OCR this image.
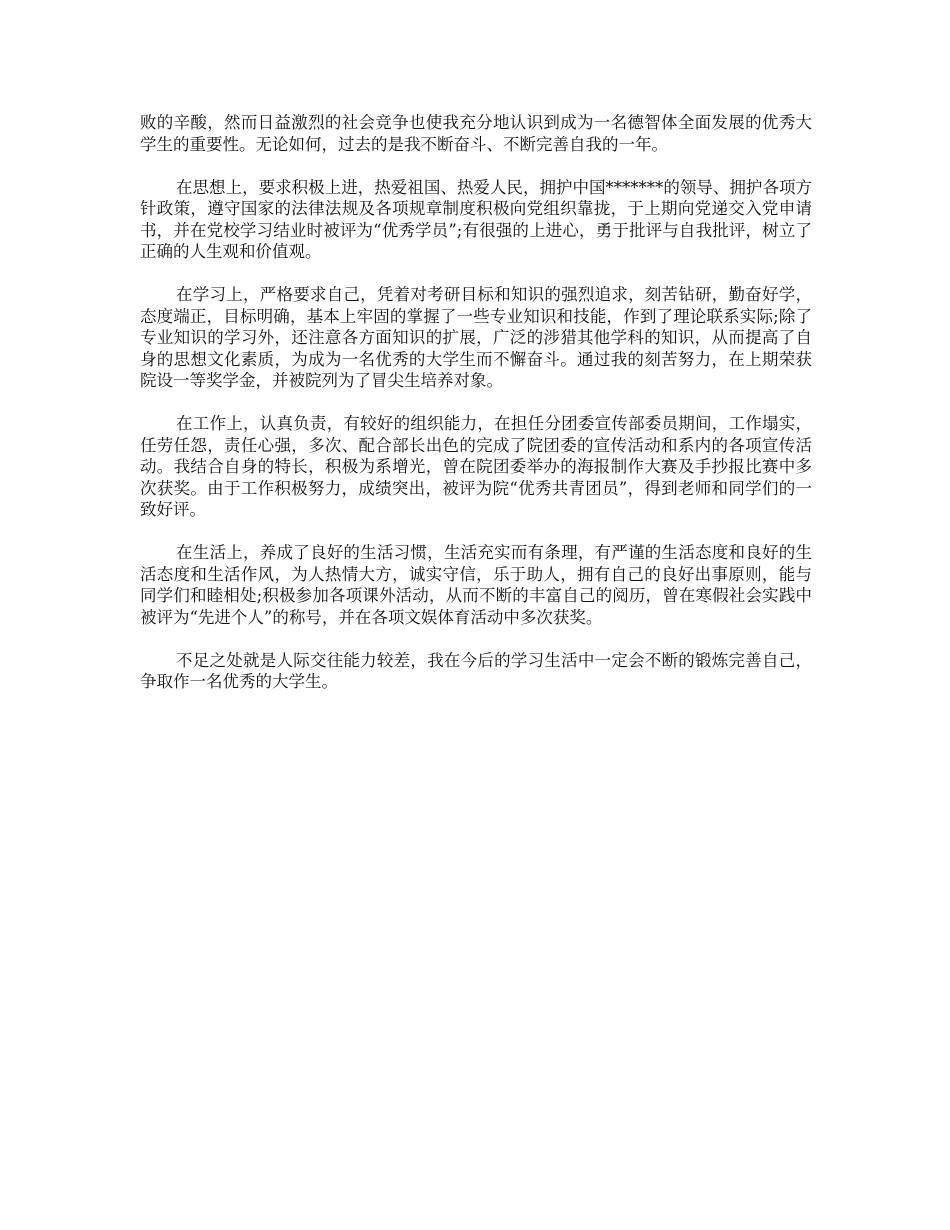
败的辛酸，然而日益激烈的社会竞争也使我充分地认识到成为一名德智体全面发展的优秀大学生的重要性。无论如何，过去的是我不断奋斗、不断完善自我的一年。

在思想上，要求积极上进，热爱祖国、热爱人民，拥护中国*******的领导、拥护各项方针政策，遵守国家的法律法规及各项规章制度积极向党组织靠拢，于上期向党递交入党申请书，并在党校学习结业时被评为“优秀学员”;有很强的上进心，勇于批评与自我批评，树立了正确的人生观和价值观。

在学习上，严格要求自己，凭着对考研目标和知识的强烈追求，刻苦钻研，勤奋好学，态度端正，目标明确，基本上牢固的掌握了一些专业知识和技能，作到了理论联系实际;除了专业知识的学习外，还注意各方面知识的扩展，广泛的涉猎其他学科的知识，从而提高了自身的思想文化素质，为成为一名优秀的大学生而不懈奋斗。通过我的刻苦努力，在上期荣获院设一等奖学金，并被院列为了冒尖生培养对象。

在工作上，认真负责，有较好的组织能力，在担任分团委宣传部委员期间，工作塌实，任劳任怨，责任心强，多次、配合部长出色的完成了院团委的宣传活动和系内的各项宣传活动。我结合自身的特长，积极为系增光，曾在院团委举办的海报制作大赛及手抄报比赛中多次获奖。由于工作积极努力，成绩突出，被评为院“优秀共青团员”，得到老师和同学们的一致好评。

在生活上，养成了良好的生活习惯，生活充实而有条理，有严谨的生活态度和良好的生活态度和生活作风，为人热情大方，诚实守信，乐于助人，拥有自己的良好出事原则，能与同学们和睦相处;积极参加各项课外活动，从而不断的丰富自己的阅历，曾在寒假社会实践中被评为“先进个人”的称号，并在各项文娱体育活动中多次获奖。

不足之处就是人际交往能力较差，我在今后的学习生活中一定会不断的锻炼完善自己，争取作一名优秀的大学生。
